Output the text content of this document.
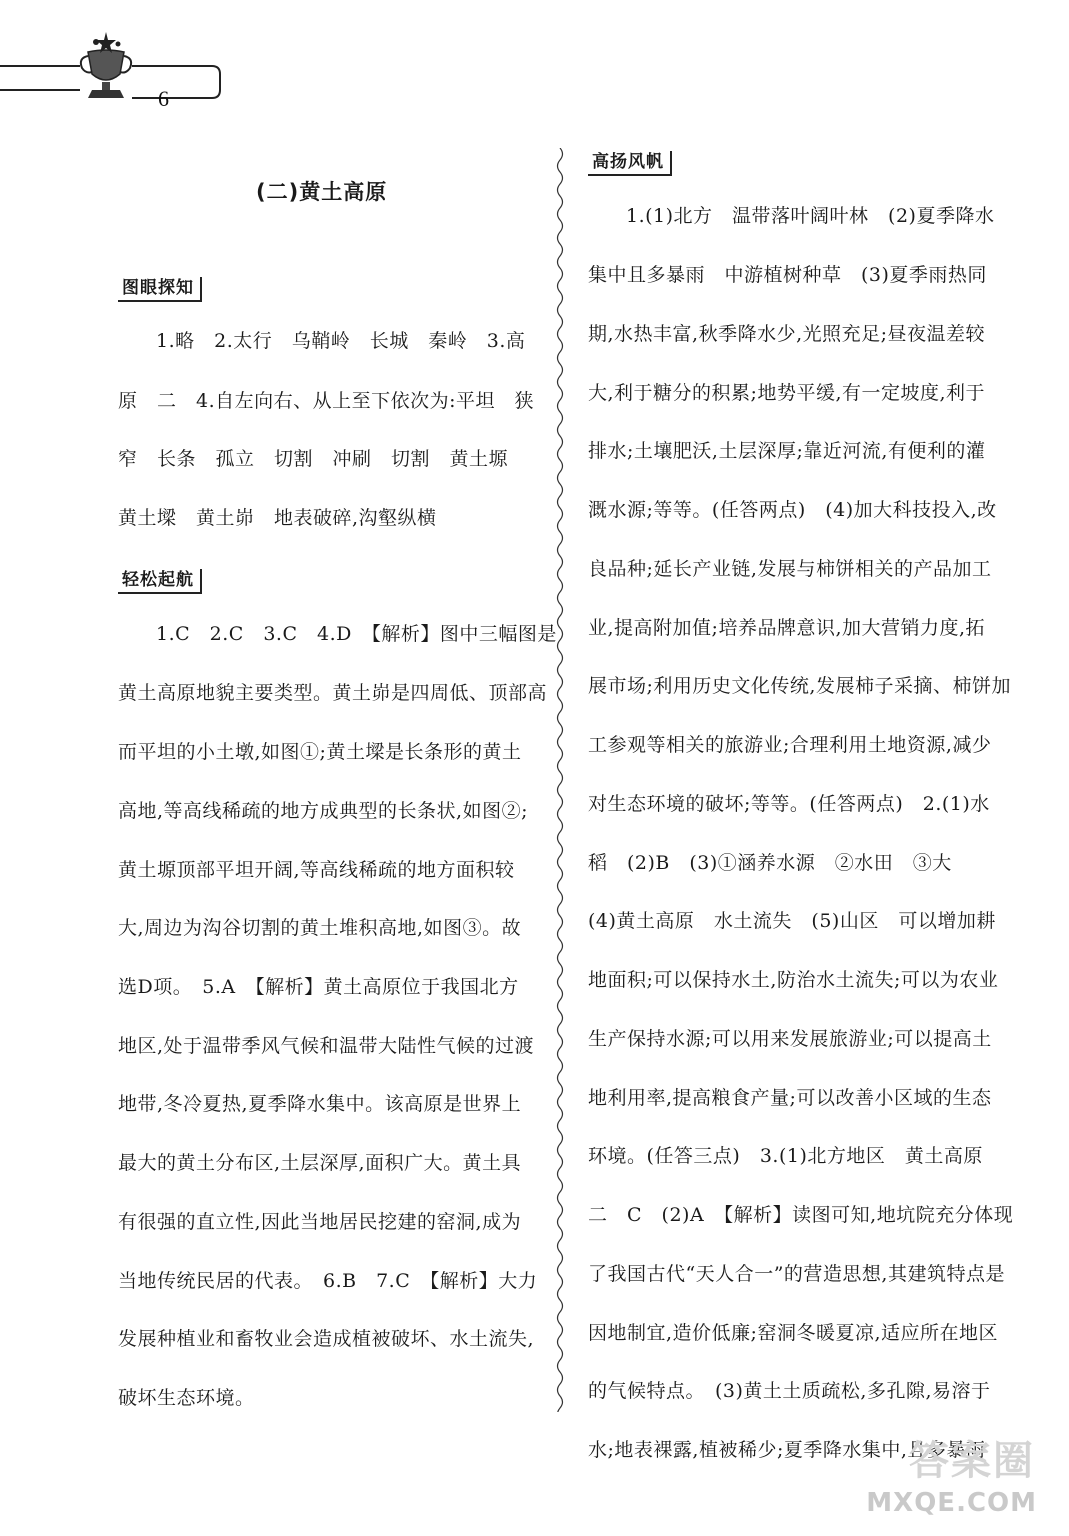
6
(二)黄土高原
图眼探知
1.略　2.太行　乌鞘岭　长城　秦岭　3.高
原　二　4.自左向右、从上至下依次为:平坦　狭
窄　长条　孤立　切割　冲刷　切割　黄土塬
黄土墚　黄土峁　地表破碎,沟壑纵横
轻松起航
1.C　2.C　3.C　4.D　【解析】图中三幅图是
黄土高原地貌主要类型。黄土峁是四周低、顶部高
而平坦的小土墩,如图①;黄土墚是长条形的黄土
高地,等高线稀疏的地方成典型的长条状,如图②;
黄土塬顶部平坦开阔,等高线稀疏的地方面积较
大,周边为沟谷切割的黄土堆积高地,如图③。故
选D项。　5.A　【解析】黄土高原位于我国北方
地区,处于温带季风气候和温带大陆性气候的过渡
地带,冬冷夏热,夏季降水集中。该高原是世界上
最大的黄土分布区,土层深厚,面积广大。黄土具
有很强的直立性,因此当地居民挖建的窑洞,成为
当地传统民居的代表。　6.B　7.C　【解析】大力
发展种植业和畜牧业会造成植被破坏、水土流失,
破坏生态环境。
高扬风帆
1.(1)北方　温带落叶阔叶林　(2)夏季降水
集中且多暴雨　中游植树种草　(3)夏季雨热同
期,水热丰富,秋季降水少,光照充足;昼夜温差较
大,利于糖分的积累;地势平缓,有一定坡度,利于
排水;土壤肥沃,土层深厚;靠近河流,有便利的灌
溉水源;等等。(任答两点)　(4)加大科技投入,改
良品种;延长产业链,发展与柿饼相关的产品加工
业,提高附加值;培养品牌意识,加大营销力度,拓
展市场;利用历史文化传统,发展柿子采摘、柿饼加
工参观等相关的旅游业;合理利用土地资源,减少
对生态环境的破坏;等等。(任答两点)　2.(1)水
稻　(2)B　(3)①涵养水源　②水田　③大
(4)黄土高原　水土流失　(5)山区　可以增加耕
地面积;可以保持水土,防治水土流失;可以为农业
生产保持水源;可以用来发展旅游业;可以提高土
地利用率,提高粮食产量;可以改善小区域的生态
环境。(任答三点)　3.(1)北方地区　黄土高原
二　C　(2)A　【解析】读图可知,地坑院充分体现
了我国古代“天人合一”的营造思想,其建筑特点是
因地制宜,造价低廉;窑洞冬暖夏凉,适应所在地区
的气候特点。　(3)黄土土质疏松,多孔隙,易溶于
水;地表裸露,植被稀少;夏季降水集中,且多暴雨
答案圈
MXQE.COM
